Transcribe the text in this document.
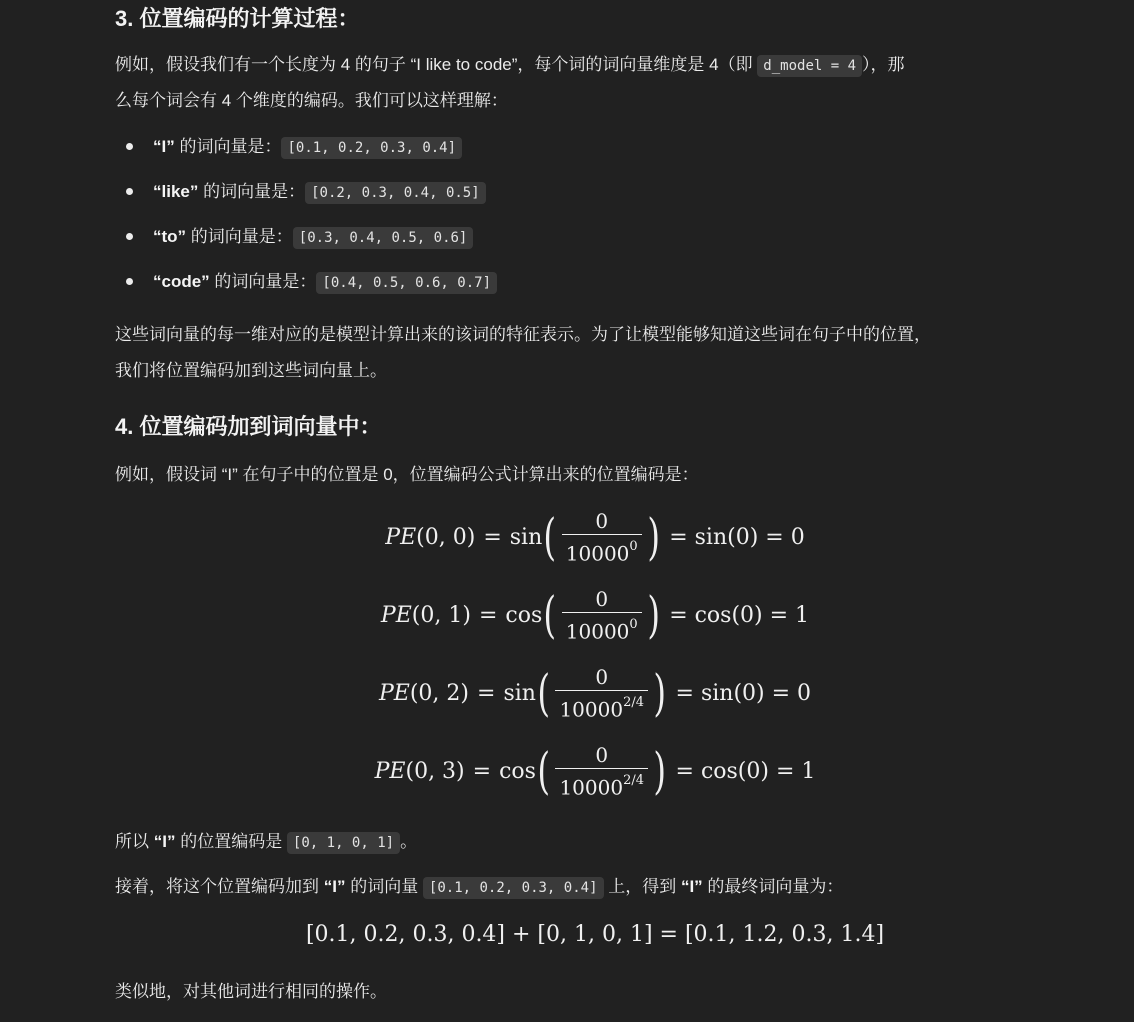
3. 位置编码的计算过程：

例如，假设我们有一个长度为 4 的句子 “I like to code”，每个词的词向量维度是 4（即 d_model = 4 ），那

么每个词会有 4 个维度的编码。我们可以这样理解：

“I” 的词向量是： [0.1, 0.2, 0.3, 0.4]
“like” 的词向量是： [0.2, 0.3, 0.4, 0.5]
“to” 的词向量是： [0.3, 0.4, 0.5, 0.6]
“code” 的词向量是： [0.4, 0.5, 0.6, 0.7]

这些词向量的每一维对应的是模型计算出来的该词的特征表示。为了让模型能够知道这些词在句子中的位置，

我们将位置编码加到这些词向量上。

4. 位置编码加到词向量中：

例如，假设词 “I” 在句子中的位置是 0，位置编码公式计算出来的位置编码是：

PE (0, 0) = sin ( $\frac{0}{10000^0}$ ) = sin(0) = 0
PE (0, 1) = cos ( $\frac{0}{10000^0}$ ) = cos(0) = 1
PE (0, 2) = sin ( $\frac{0}{10000^{2/4}}$ ) = sin(0) = 0
PE (0, 3) = cos ( $\frac{0}{10000^{2/4}}$ ) = cos(0) = 1

所以 “I” 的位置编码是 [0, 1, 0, 1] 。

接着，将这个位置编码加到 “I” 的词向量 [0.1, 0.2, 0.3, 0.4] 上，得到 “I” 的最终词向量为：

[0.1, 0.2, 0.3, 0.4] + [0, 1, 0, 1] = [0.1, 1.2, 0.3, 1.4]

类似地，对其他词进行相同的操作。
